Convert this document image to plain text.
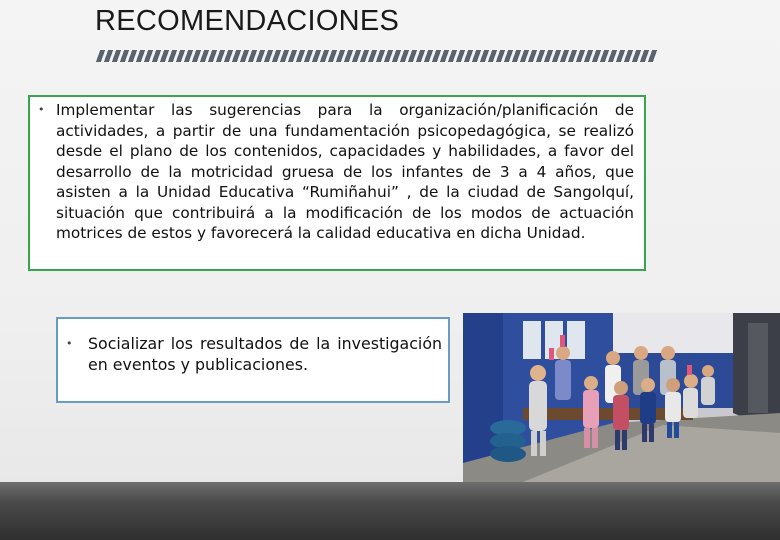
RECOMENDACIONES

• Implementar las sugerencias para la organización/planificación de actividades, a partir de una fundamentación psicopedagógica, se realizó desde el plano de los contenidos, capacidades y habilidades, a favor del desarrollo de la motricidad gruesa de los infantes de 3 a 4 años, que asisten a la Unidad Educativa “Rumiñahui” , de la ciudad de Sangolquí, situación que contribuirá a la modificación de los modos de actuación motrices de estos y favorecerá la calidad educativa en dicha Unidad.

• Socializar los resultados de la investigación en eventos y publicaciones.
